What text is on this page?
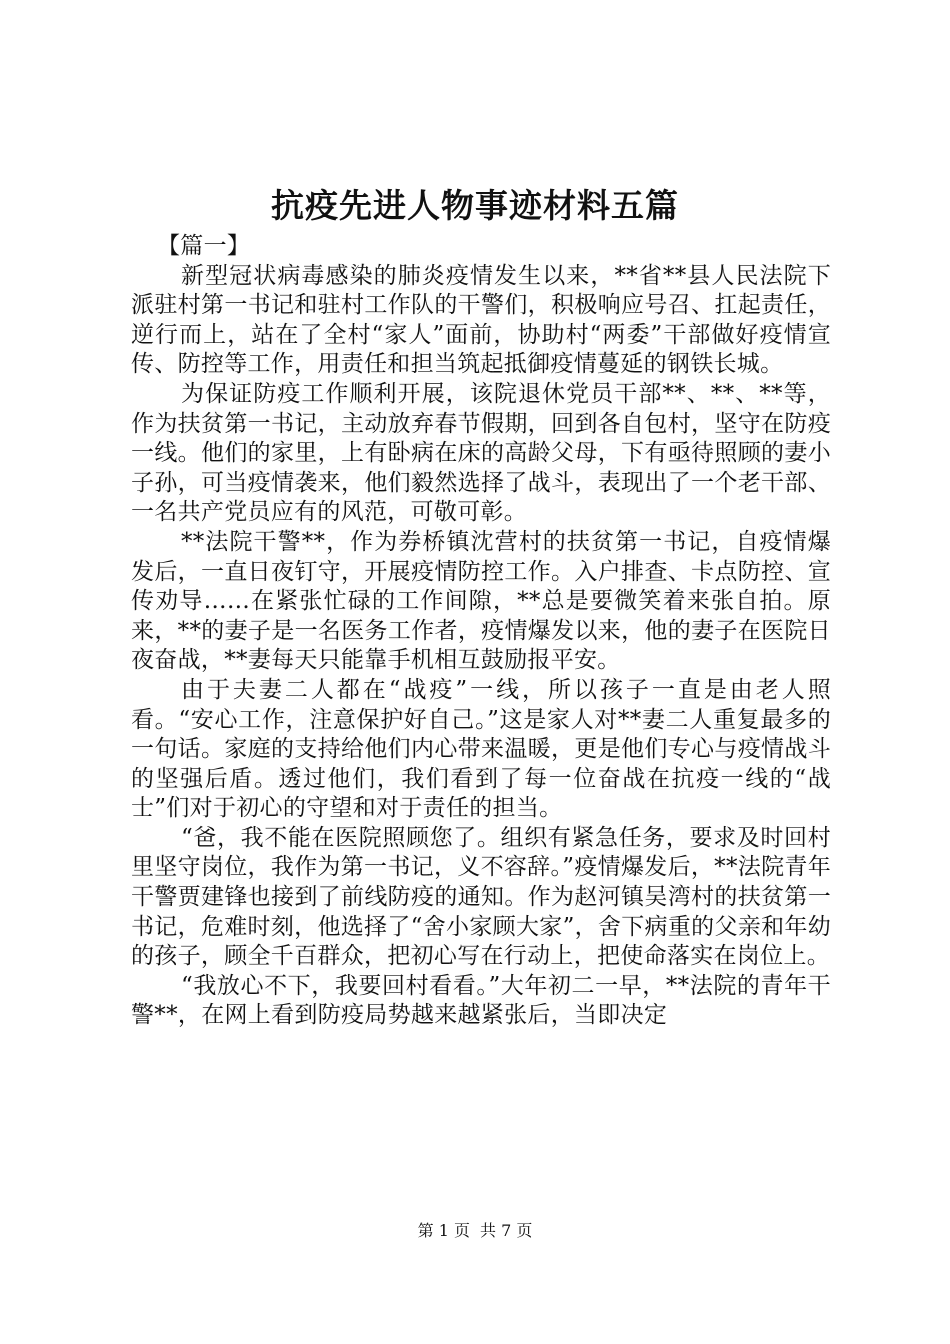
抗疫先进人物事迹材料五篇

【篇一】

新型冠状病毒感染的肺炎疫情发生以来，**省**县人民法院下派驻村第一书记和驻村工作队的干警们，积极响应号召、扛起责任，逆行而上，站在了全村“家人”面前，协助村“两委”干部做好疫情宣传、防控等工作，用责任和担当筑起抵御疫情蔓延的钢铁长城。

为保证防疫工作顺利开展，该院退休党员干部**、**、**等，作为扶贫第一书记，主动放弃春节假期，回到各自包村，坚守在防疫一线。他们的家里，上有卧病在床的高龄父母，下有亟待照顾的妻小子孙，可当疫情袭来，他们毅然选择了战斗，表现出了一个老干部、一名共产党员应有的风范，可敬可彰。

**法院干警**，作为券桥镇沈营村的扶贫第一书记，自疫情爆发后，一直日夜钉守，开展疫情防控工作。入户排查、卡点防控、宣传劝导……在紧张忙碌的工作间隙，**总是要微笑着来张自拍。原来，**的妻子是一名医务工作者，疫情爆发以来，他的妻子在医院日夜奋战，**妻每天只能靠手机相互鼓励报平安。

由于夫妻二人都在“战疫”一线，所以孩子一直是由老人照看。“安心工作，注意保护好自己。”这是家人对**妻二人重复最多的一句话。家庭的支持给他们内心带来温暖，更是他们专心与疫情战斗的坚强后盾。透过他们，我们看到了每一位奋战在抗疫一线的“战士”们对于初心的守望和对于责任的担当。

“爸，我不能在医院照顾您了。组织有紧急任务，要求及时回村里坚守岗位，我作为第一书记，义不容辞。”疫情爆发后，**法院青年干警贾建锋也接到了前线防疫的通知。作为赵河镇吴湾村的扶贫第一书记，危难时刻，他选择了“舍小家顾大家”，舍下病重的父亲和年幼的孩子，顾全千百群众，把初心写在行动上，把使命落实在岗位上。

“我放心不下，我要回村看看。”大年初二一早，**法院的青年干警**，在网上看到防疫局势越来越紧张后，当即决定

第 1 页 共 7 页
